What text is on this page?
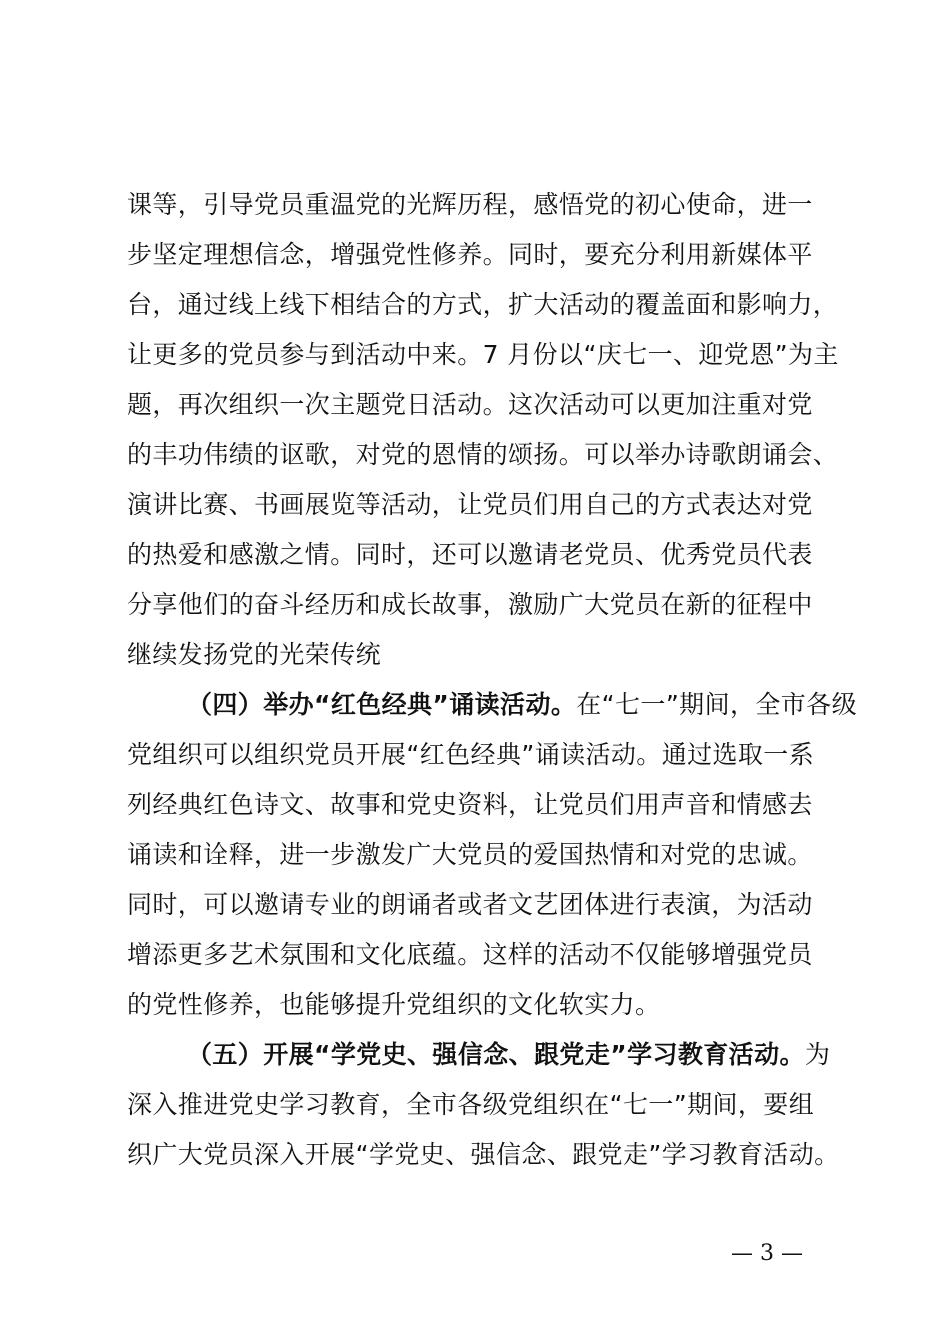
课等，引导党员重温党的光辉历程，感悟党的初心使命，进一
步坚定理想信念，增强党性修养。同时，要充分利用新媒体平
台，通过线上线下相结合的方式，扩大活动的覆盖面和影响力，
让更多的党员参与到活动中来。7 月份以“庆七一、迎党恩”为主
题，再次组织一次主题党日活动。这次活动可以更加注重对党
的丰功伟绩的讴歌，对党的恩情的颂扬。可以举办诗歌朗诵会、
演讲比赛、书画展览等活动，让党员们用自己的方式表达对党
的热爱和感激之情。同时，还可以邀请老党员、优秀党员代表
分享他们的奋斗经历和成长故事，激励广大党员在新的征程中
继续发扬党的光荣传统
（四）举办“红色经典”诵读活动。在“七一”期间，全市各级
党组织可以组织党员开展“红色经典”诵读活动。通过选取一系
列经典红色诗文、故事和党史资料，让党员们用声音和情感去
诵读和诠释，进一步激发广大党员的爱国热情和对党的忠诚。
同时，可以邀请专业的朗诵者或者文艺团体进行表演，为活动
增添更多艺术氛围和文化底蕴。这样的活动不仅能够增强党员
的党性修养，也能够提升党组织的文化软实力。
（五）开展“学党史、强信念、跟党走”学习教育活动。为
深入推进党史学习教育，全市各级党组织在“七一”期间，要组
织广大党员深入开展“学党史、强信念、跟党走”学习教育活动。
— 3 —
